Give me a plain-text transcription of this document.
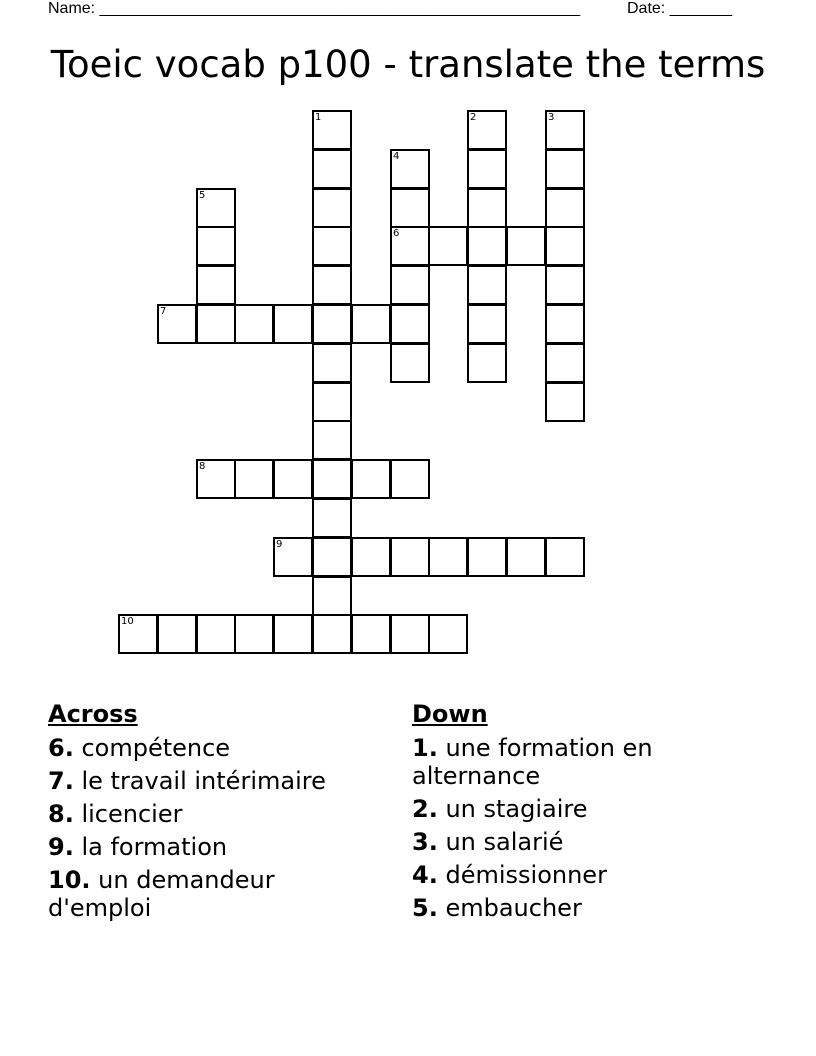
Name: ______________________________________________________	Date: _______
Toeic vocab p100 - translate the terms
1	2	3
4
6
5
7
8
9
10
Across
6. compétence
7. le travail intérimaire
8. licencier
9. la formation
10. un demandeur d'emploi
Down
1. une formation en alternance
2. un stagiaire
3. un salarié
4. démissionner
5. embaucher
